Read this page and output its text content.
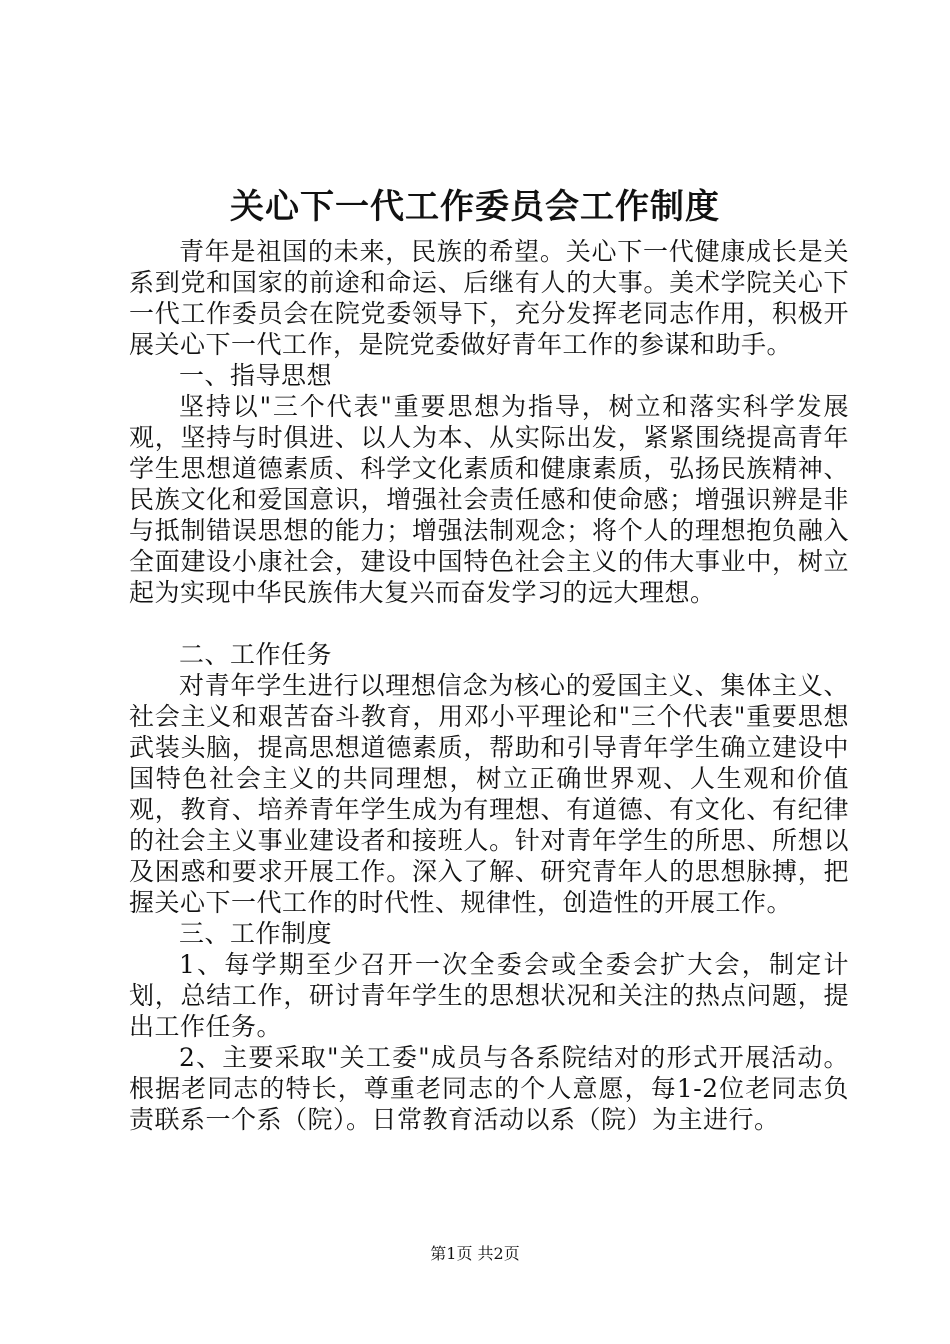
关心下一代工作委员会工作制度

青年是祖国的未来，民族的希望。关心下一代健康成长是关系到党和国家的前途和命运、后继有人的大事。美术学院关心下一代工作委员会在院党委领导下，充分发挥老同志作用，积极开展关心下一代工作，是院党委做好青年工作的参谋和助手。

一、指导思想

坚持以"三个代表"重要思想为指导，树立和落实科学发展观，坚持与时俱进、以人为本、从实际出发，紧紧围绕提高青年学生思想道德素质、科学文化素质和健康素质，弘扬民族精神、民族文化和爱国意识，增强社会责任感和使命感；增强识辨是非与抵制错误思想的能力；增强法制观念；将个人的理想抱负融入全面建设小康社会，建设中国特色社会主义的伟大事业中，树立起为实现中华民族伟大复兴而奋发学习的远大理想。

二、工作任务

对青年学生进行以理想信念为核心的爱国主义、集体主义、社会主义和艰苦奋斗教育，用邓小平理论和"三个代表"重要思想武装头脑，提高思想道德素质，帮助和引导青年学生确立建设中国特色社会主义的共同理想，树立正确世界观、人生观和价值观，教育、培养青年学生成为有理想、有道德、有文化、有纪律的社会主义事业建设者和接班人。针对青年学生的所思、所想以及困惑和要求开展工作。深入了解、研究青年人的思想脉搏，把握关心下一代工作的时代性、规律性，创造性的开展工作。

三、工作制度

1、每学期至少召开一次全委会或全委会扩大会，制定计划，总结工作，研讨青年学生的思想状况和关注的热点问题，提出工作任务。

2、主要采取"关工委"成员与各系院结对的形式开展活动。根据老同志的特长，尊重老同志的个人意愿，每1-2位老同志负责联系一个系（院）。日常教育活动以系（院）为主进行。

第1页 共2页
